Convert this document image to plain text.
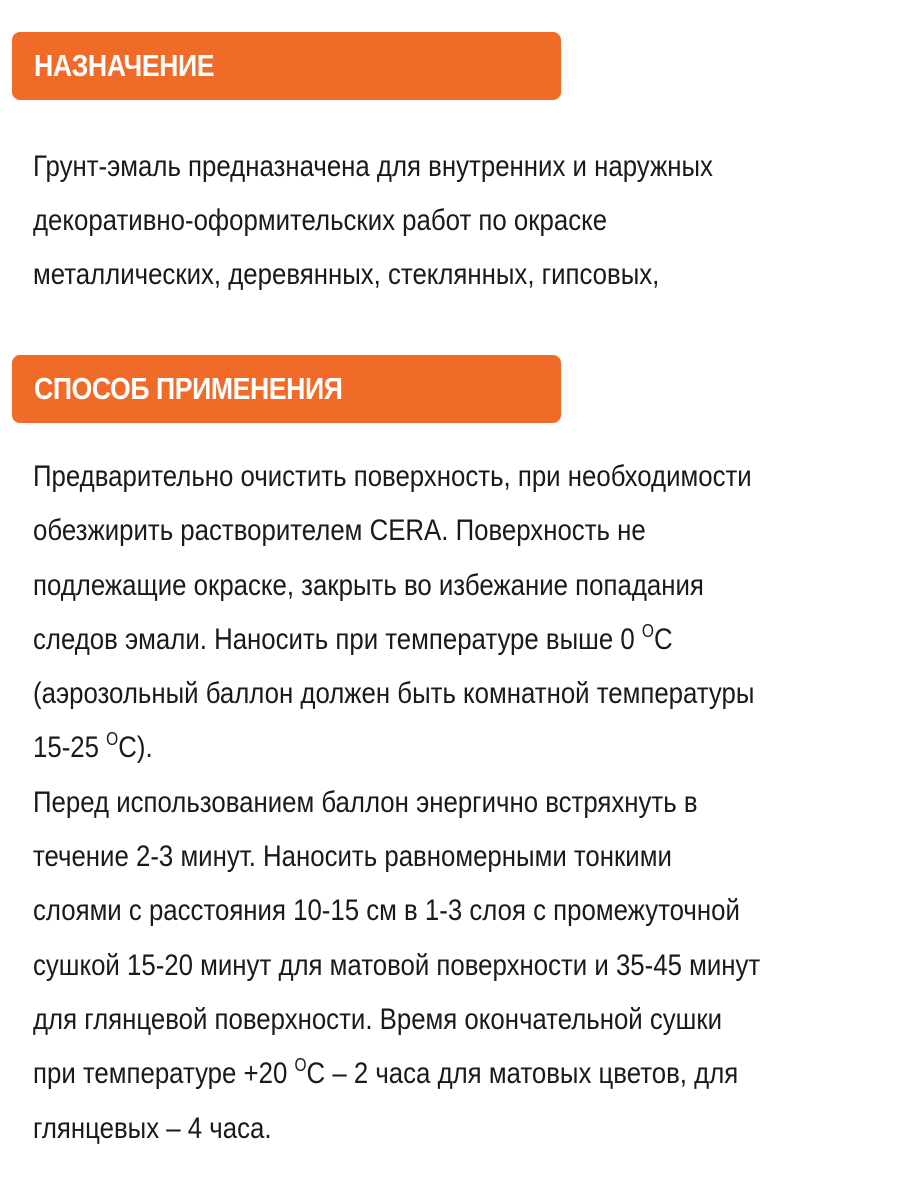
НАЗНАЧЕНИЕ
Грунт-эмаль предназначена для внутренних и наружных
декоративно-оформительских работ по окраске
металлических, деревянных, стеклянных, гипсовых,
СПОСОБ ПРИМЕНЕНИЯ
Предварительно очистить поверхность, при необходимости
обезжирить растворителем CERA. Поверхность не
подлежащие окраске, закрыть во избежание попадания
следов эмали. Наносить при температуре выше 0 $^O$C
(аэрозольный баллон должен быть комнатной температуры
15-25 $^O$C).
Перед использованием баллон энергично встряхнуть в
течение 2-3 минут. Наносить равномерными тонкими
слоями с расстояния 10-15 см в 1-3 слоя с промежуточной
сушкой 15-20 минут для матовой поверхности и 35-45 минут
для глянцевой поверхности. Время окончательной сушки
при температуре +20 $^O$C – 2 часа для матовых цветов, для
глянцевых – 4 часа.
